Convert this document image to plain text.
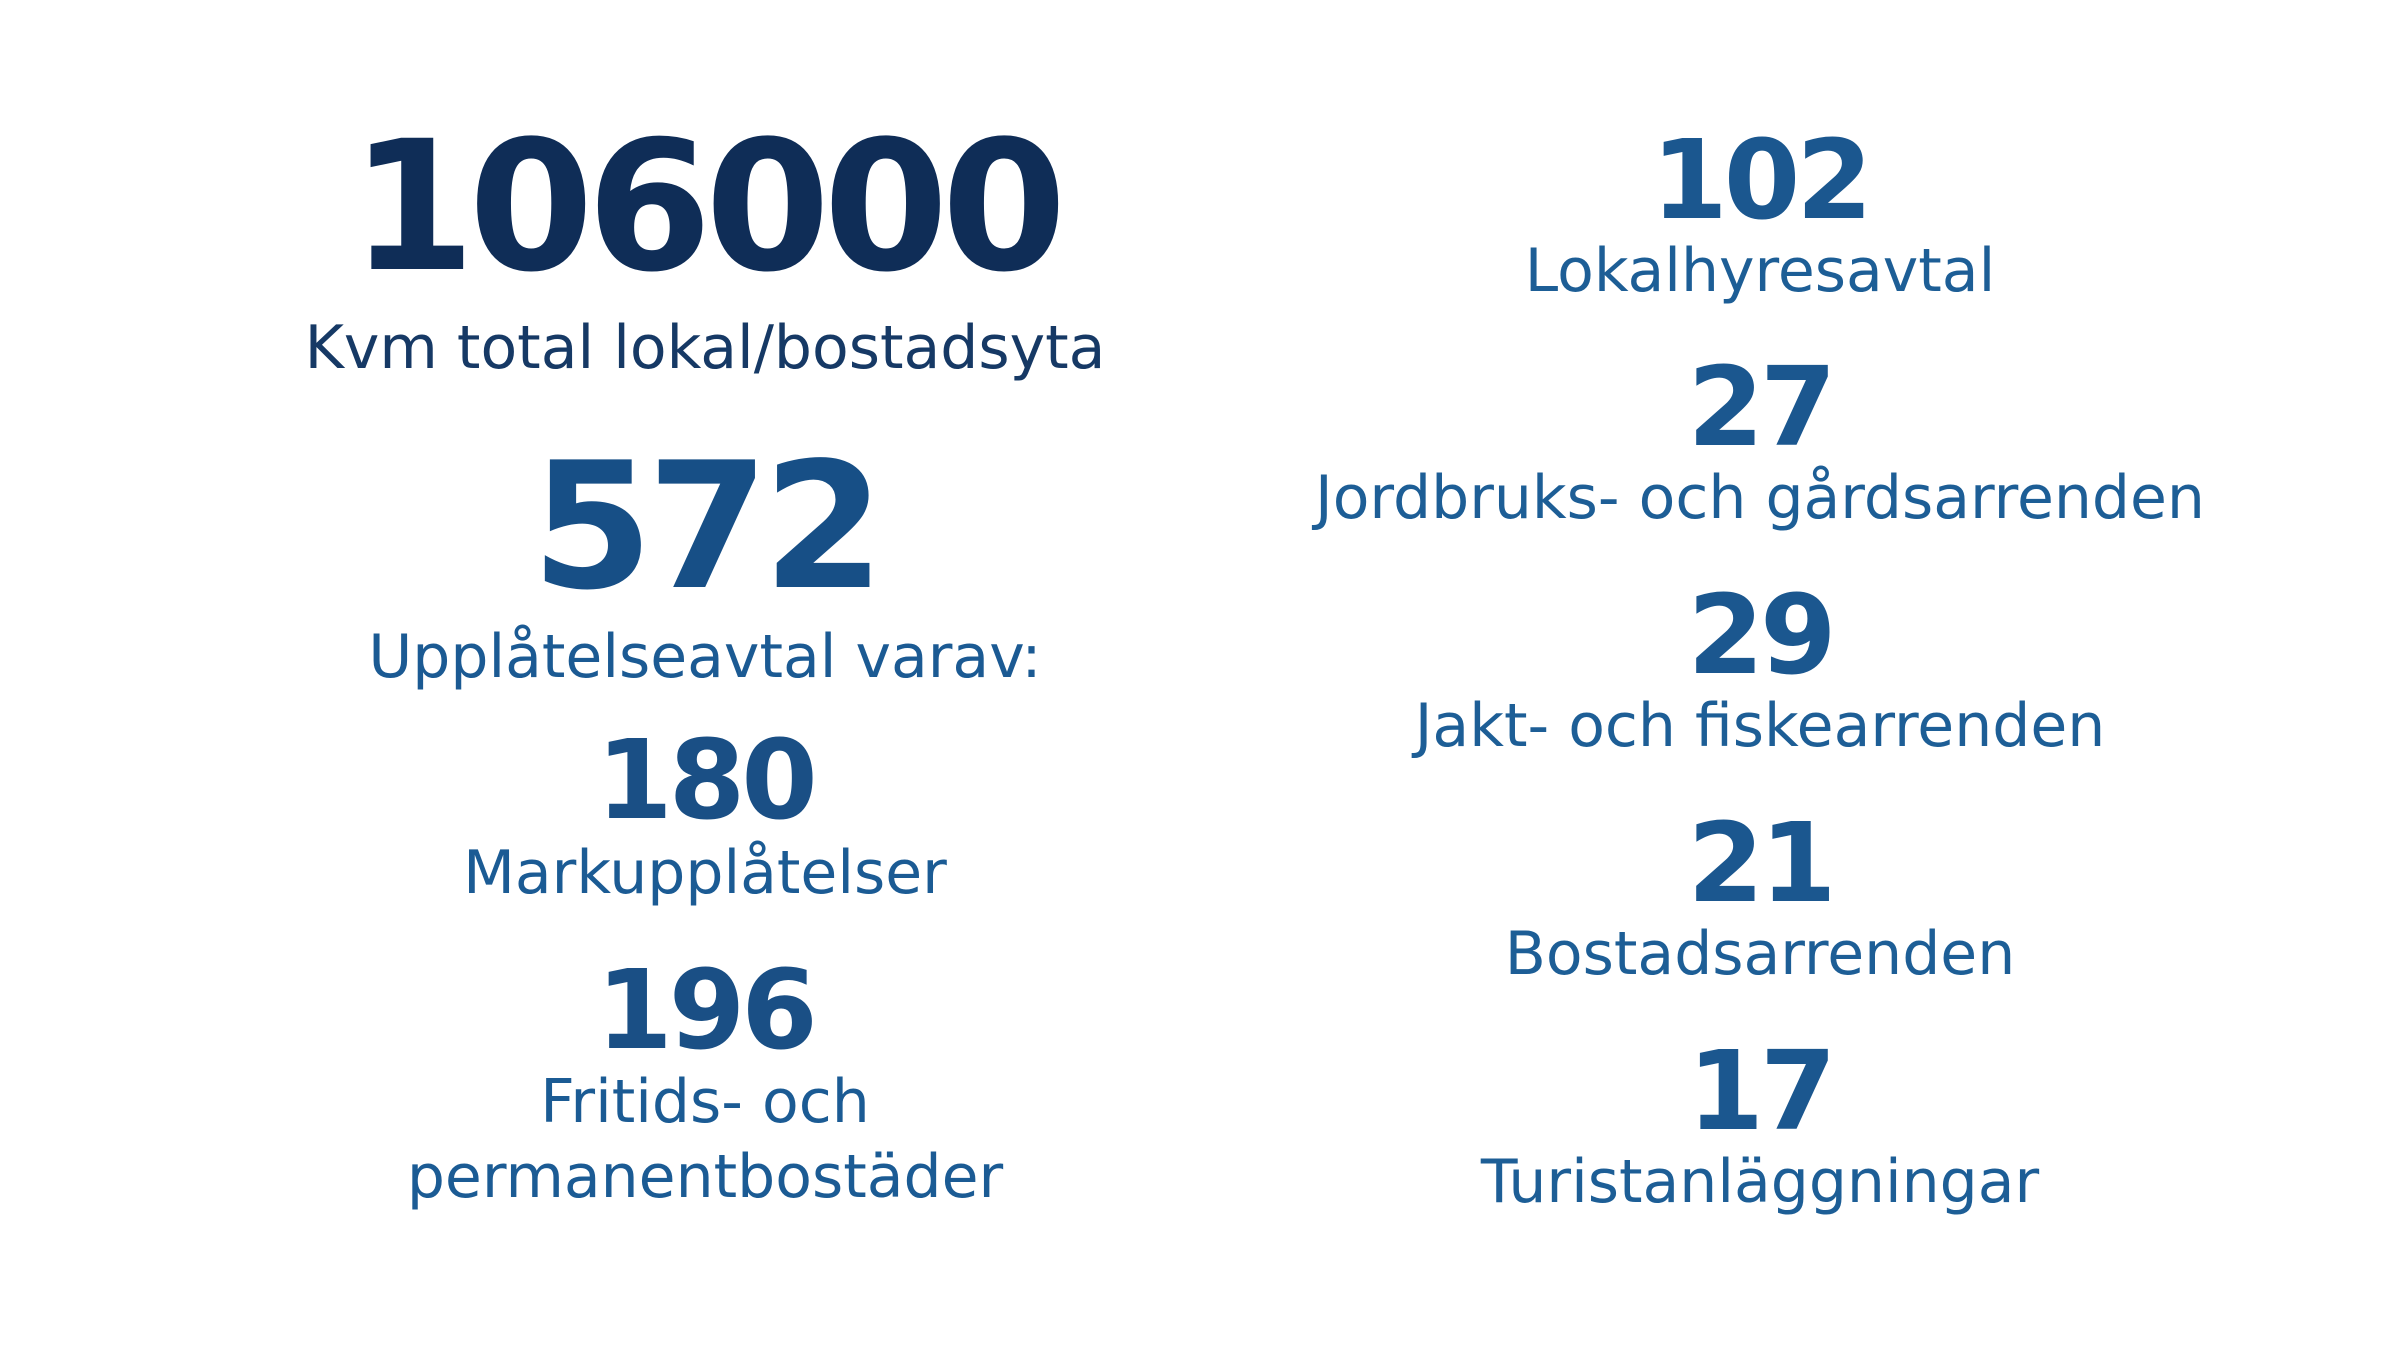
106000
Kvm total lokal/bostadsyta
572
Upplåtelseavtal varav:
180
Markupplåtelser
196
Fritids- och
permanentbostäder
102
Lokalhyresavtal
27
Jordbruks- och gårdsarrenden
29
Jakt- och fiskearrenden
21
Bostadsarrenden
17
Turistanläggningar
